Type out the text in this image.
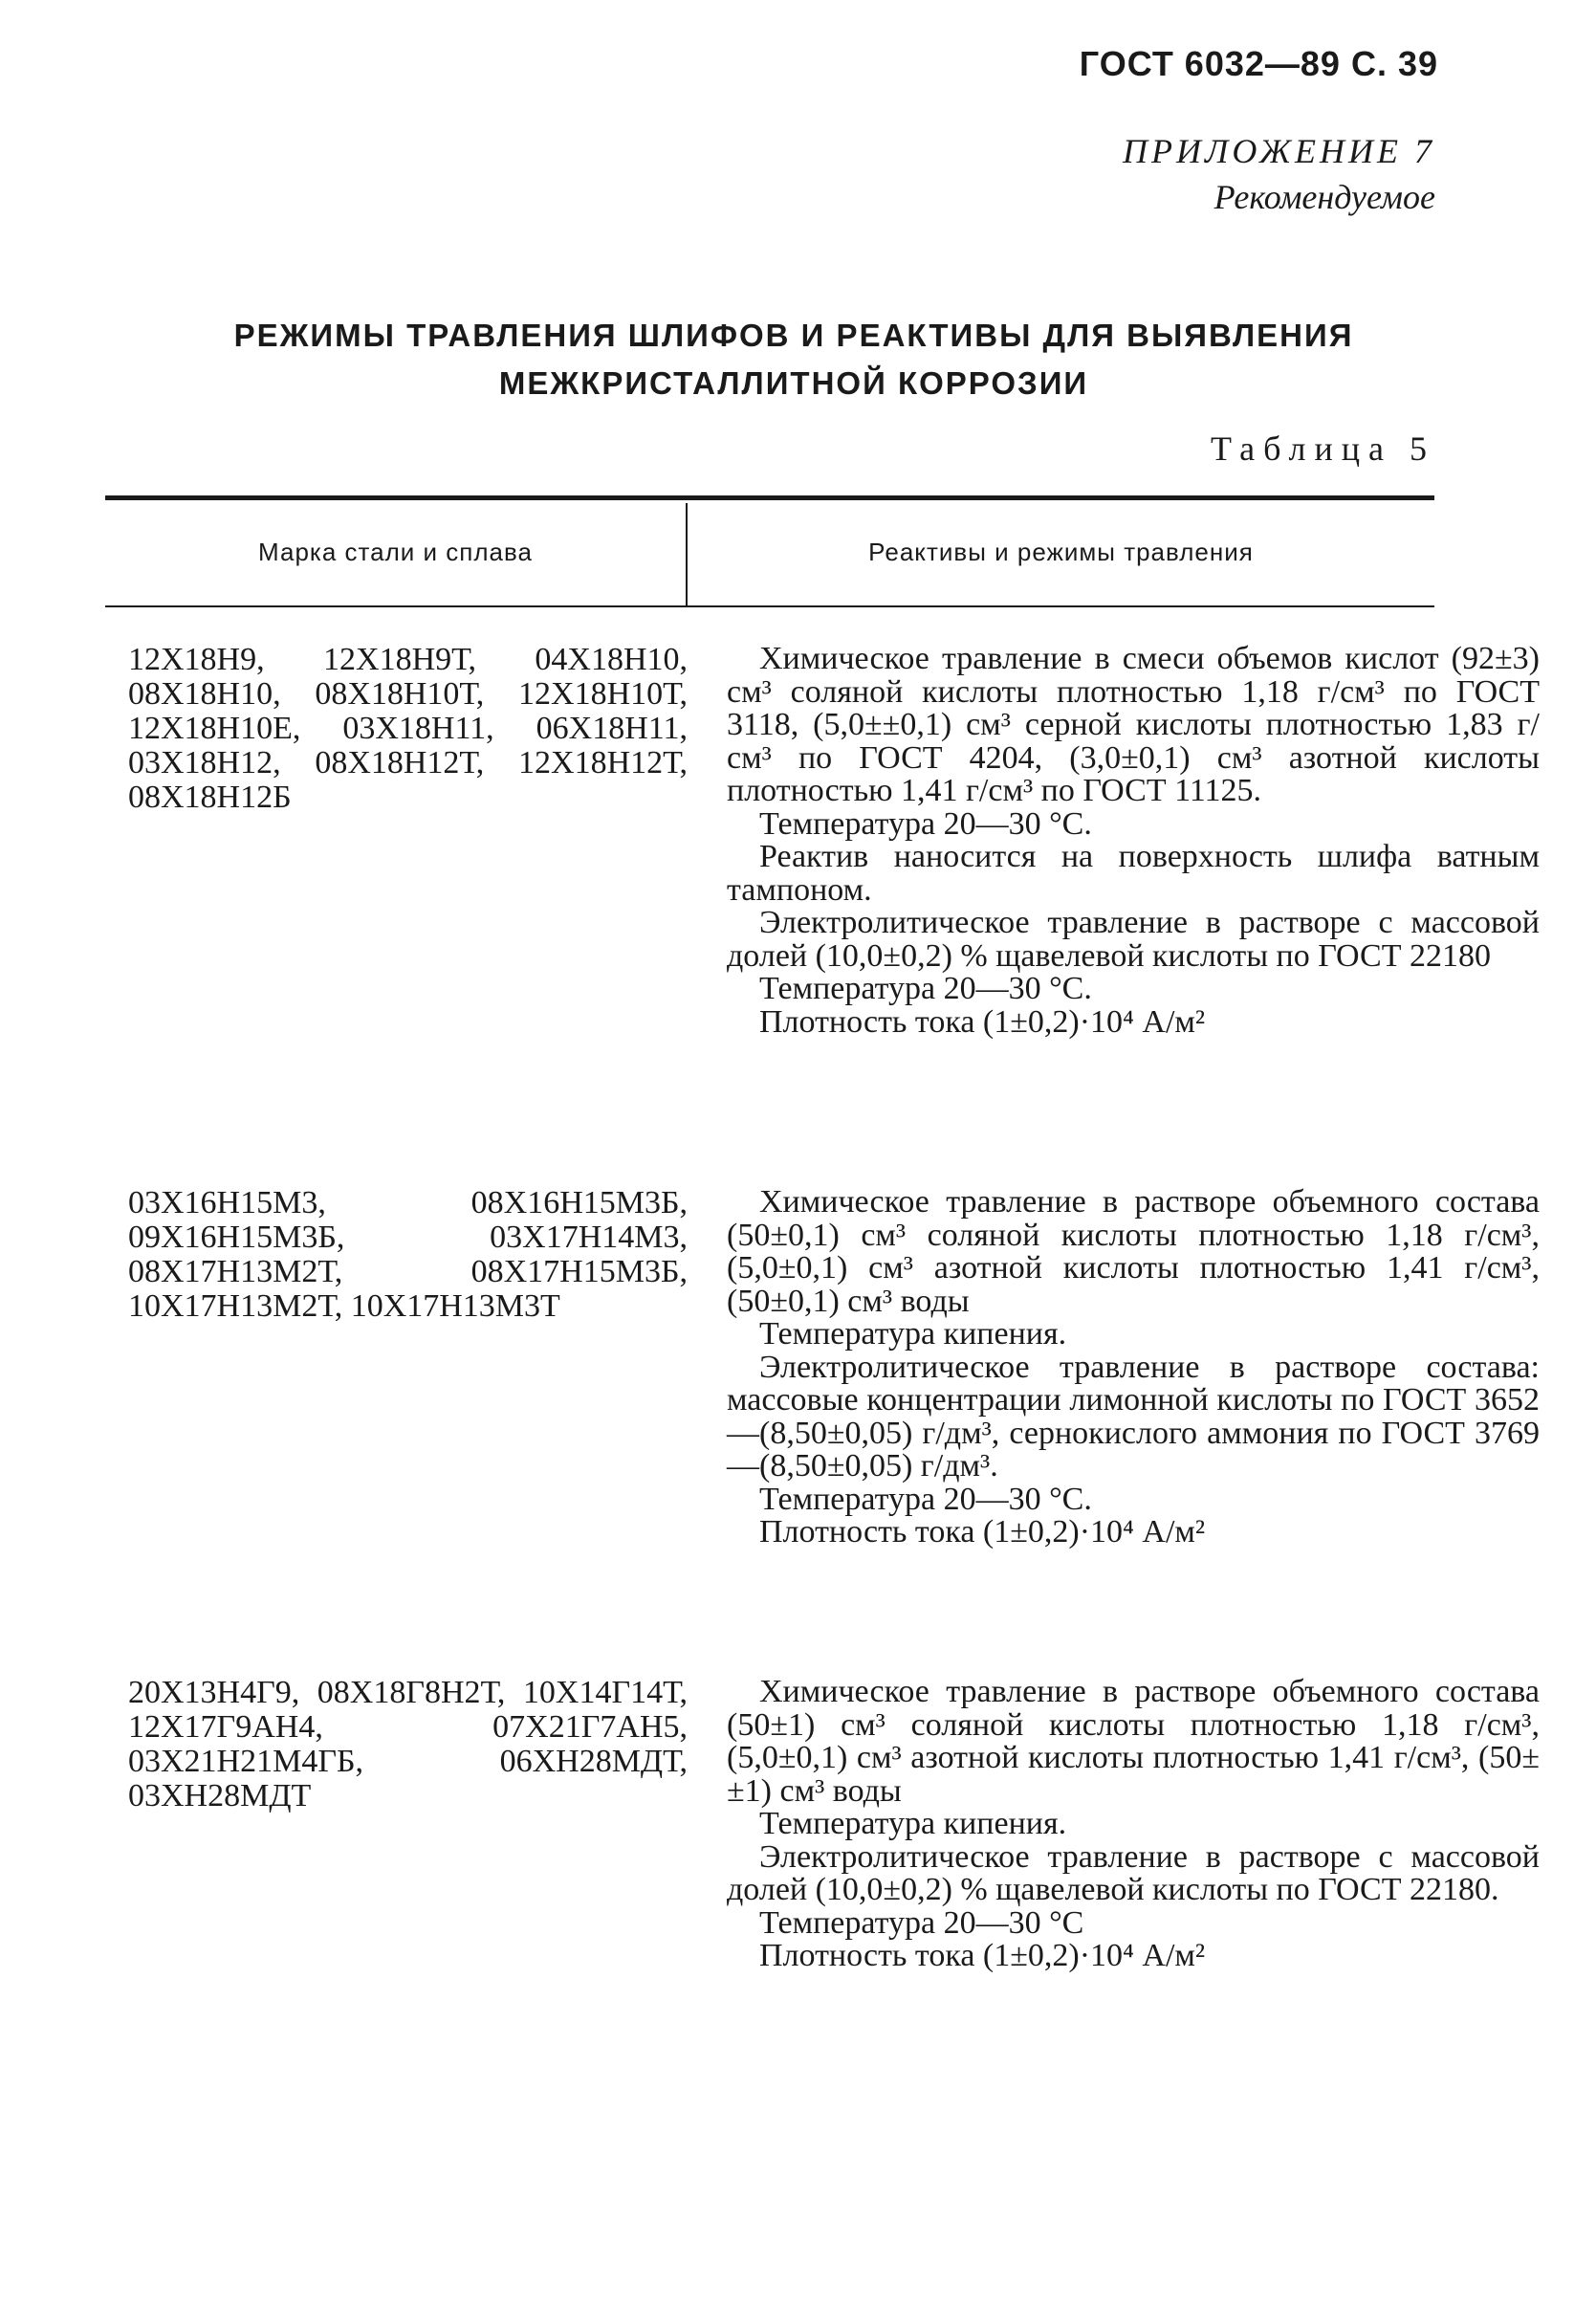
ГОСТ 6032—89 С. 39
ПРИЛОЖЕНИЕ 7
Рекомендуемое
РЕЖИМЫ ТРАВЛЕНИЯ ШЛИФОВ И РЕАКТИВЫ ДЛЯ ВЫЯВЛЕНИЯ
МЕЖКРИСТАЛЛИТНОЙ КОРРОЗИИ
Таблица 5
Марка стали и сплава	Реактивы и режимы травления
12Х18Н9, 12Х18Н9Т, 04Х18Н10, 08Х18Н10, 08Х18Н10Т, 12Х18Н10Т, 12Х18Н10Е, 03Х18Н11, 06Х18Н11, 03Х18Н12, 08Х18Н12Т, 12Х18Н12Т, 08Х18Н12Б

Химическое травление в смеси объемов кислот (92±3) см³ соляной кислоты плотностью 1,18 г/см³ по ГОСТ 3118, (5,0±±0,1) см³ серной кислоты плотностью 1,83 г/см³ по ГОСТ 4204, (3,0±0,1) см³ азотной кислоты плотностью 1,41 г/см³ по ГОСТ 11125.

Температура 20—30 °С.

Реактив наносится на поверхность шлифа ватным тампоном.

Электролитическое травление в растворе с массовой долей (10,0±0,2) % щавелевой кислоты по ГОСТ 22180

Температура 20—30 °С.

Плотность тока (1±0,2)·10⁴ А/м²

03Х16Н15М3, 08Х16Н15М3Б, 09Х16Н15М3Б, 03Х17Н14М3, 08Х17Н13М2Т, 08Х17Н15М3Б, 10Х17Н13М2Т, 10Х17Н13М3Т

Химическое травление в растворе объемного состава (50±0,1) см³ соляной кислоты плотностью 1,18 г/см³, (5,0±0,1) см³ азотной кислоты плотностью 1,41 г/см³, (50±0,1) см³ воды

Температура кипения.

Электролитическое травление в растворе состава: массовые концентрации лимонной кислоты по ГОСТ 3652—(8,50±0,05) г/дм³, сернокислого аммония по ГОСТ 3769—(8,50±0,05) г/дм³.

Температура 20—30 °С.

Плотность тока (1±0,2)·10⁴ А/м²

20Х13Н4Г9, 08Х18Г8Н2Т, 10Х14Г14Т, 12Х17Г9АН4, 07Х21Г7АН5, 03Х21Н21М4ГБ, 06ХН28МДТ, 03ХН28МДТ

Химическое травление в растворе объемного состава (50±1) см³ соляной кислоты плотностью 1,18 г/см³, (5,0±0,1) см³ азотной кислоты плотностью 1,41 г/см³, (50±±1) см³ воды

Температура кипения.

Электролитическое травление в растворе с массовой долей (10,0±0,2) % щавелевой кислоты по ГОСТ 22180.

Температура 20—30 °С

Плотность тока (1±0,2)·10⁴ А/м²
